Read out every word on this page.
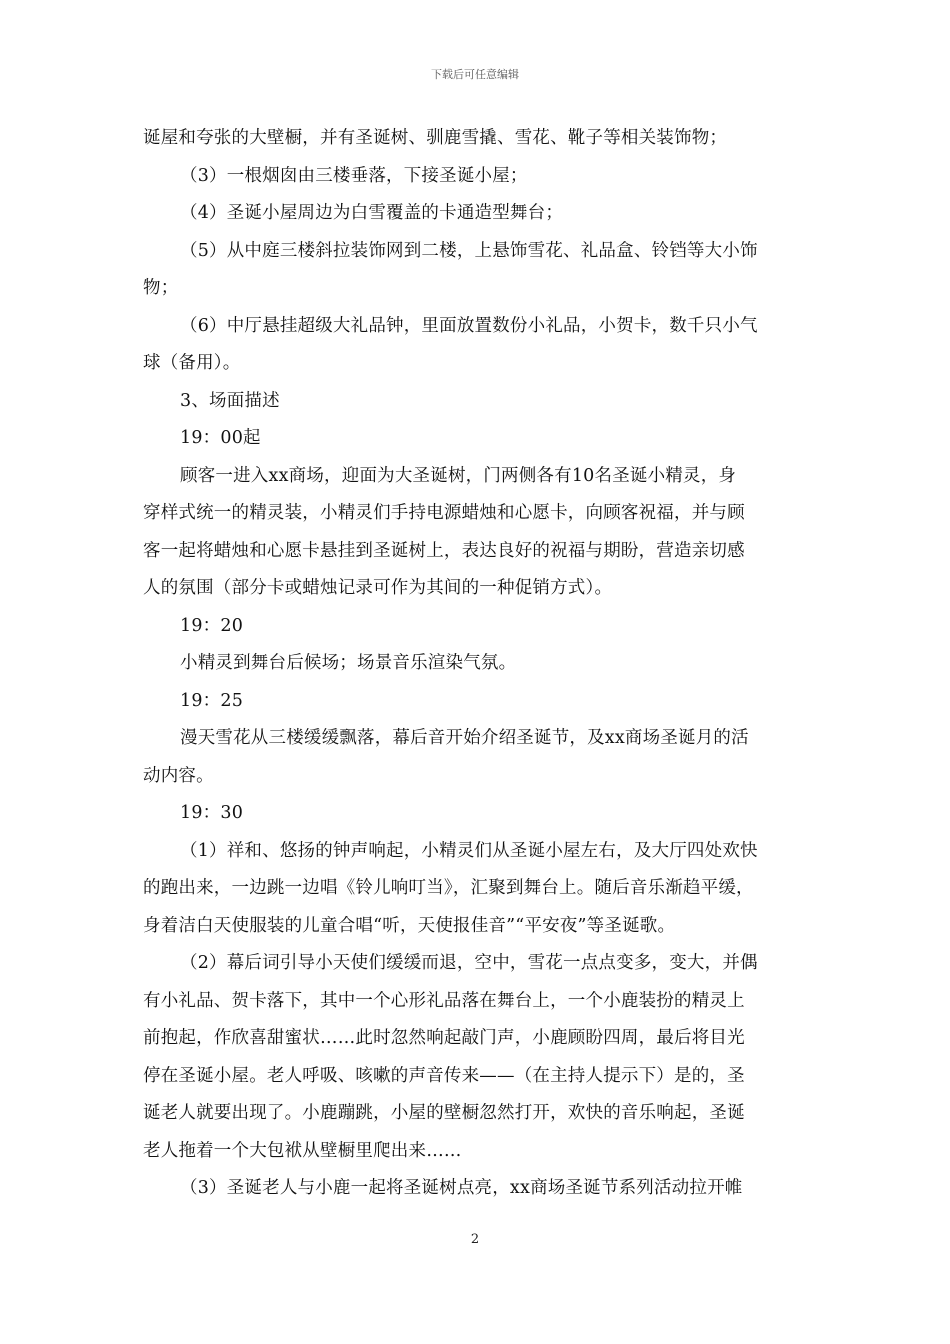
下载后可任意编辑
诞屋和夸张的大壁橱，并有圣诞树、驯鹿雪撬、雪花、靴子等相关装饰物；
（3）一根烟囱由三楼垂落，下接圣诞小屋；
（4）圣诞小屋周边为白雪覆盖的卡通造型舞台；
（5）从中庭三楼斜拉装饰网到二楼，上悬饰雪花、礼品盒、铃铛等大小饰
物；
（6）中厅悬挂超级大礼品钟，里面放置数份小礼品，小贺卡，数千只小气
球（备用）。
3、场面描述
19：00起
顾客一进入xx商场，迎面为大圣诞树，门两侧各有10名圣诞小精灵，身
穿样式统一的精灵装，小精灵们手持电源蜡烛和心愿卡，向顾客祝福，并与顾
客一起将蜡烛和心愿卡悬挂到圣诞树上，表达良好的祝福与期盼，营造亲切感
人的氛围（部分卡或蜡烛记录可作为其间的一种促销方式）。
19：20
小精灵到舞台后候场；场景音乐渲染气氛。
19：25
漫天雪花从三楼缓缓飘落，幕后音开始介绍圣诞节，及xx商场圣诞月的活
动内容。
19：30
（1）祥和、悠扬的钟声响起，小精灵们从圣诞小屋左右，及大厅四处欢快
的跑出来，一边跳一边唱《铃儿响叮当》，汇聚到舞台上。随后音乐渐趋平缓，
身着洁白天使服装的儿童合唱“听，天使报佳音”“平安夜”等圣诞歌。
（2）幕后词引导小天使们缓缓而退，空中，雪花一点点变多，变大，并偶
有小礼品、贺卡落下，其中一个心形礼品落在舞台上，一个小鹿装扮的精灵上
前抱起，作欣喜甜蜜状……此时忽然响起敲门声，小鹿顾盼四周，最后将目光
停在圣诞小屋。老人呼吸、咳嗽的声音传来——（在主持人提示下）是的，圣
诞老人就要出现了。小鹿蹦跳，小屋的壁橱忽然打开，欢快的音乐响起，圣诞
老人拖着一个大包袱从壁橱里爬出来……
（3）圣诞老人与小鹿一起将圣诞树点亮，xx商场圣诞节系列活动拉开帷
2
